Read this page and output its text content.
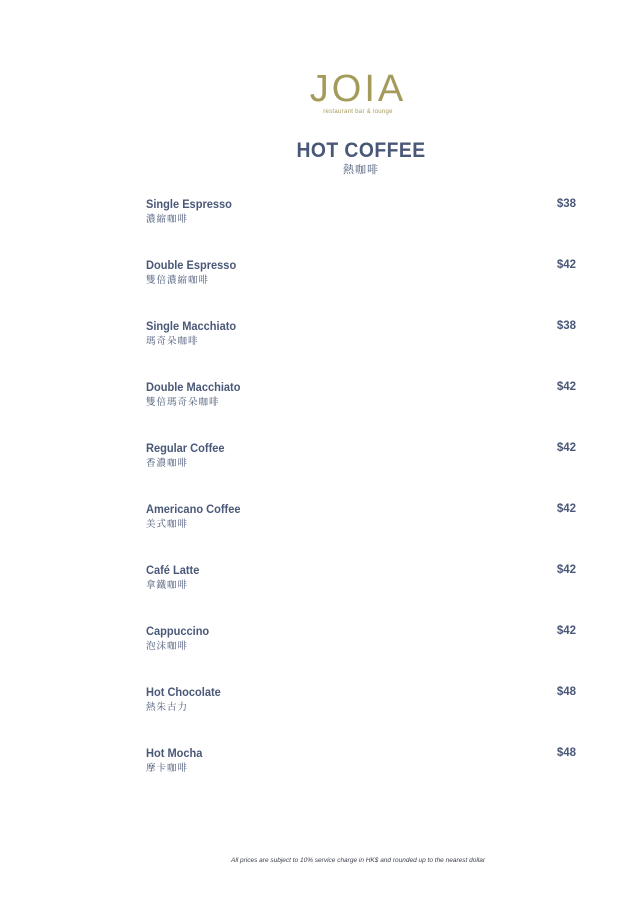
JOIA
restaurant bar & lounge
HOT COFFEE
熱咖啡
Single Espresso
濃縮咖啡
$38
Double Espresso
雙倍濃縮咖啡
$42
Single Macchiato
瑪奇朵咖啡
$38
Double Macchiato
雙倍瑪奇朵咖啡
$42
Regular Coffee
香濃咖啡
$42
Americano Coffee
美式咖啡
$42
Café Latte
拿鐵咖啡
$42
Cappuccino
泡沫咖啡
$42
Hot Chocolate
熱朱古力
$48
Hot Mocha
摩卡咖啡
$48
All prices are subject to 10% service charge in HK$ and rounded up to the nearest dollar
